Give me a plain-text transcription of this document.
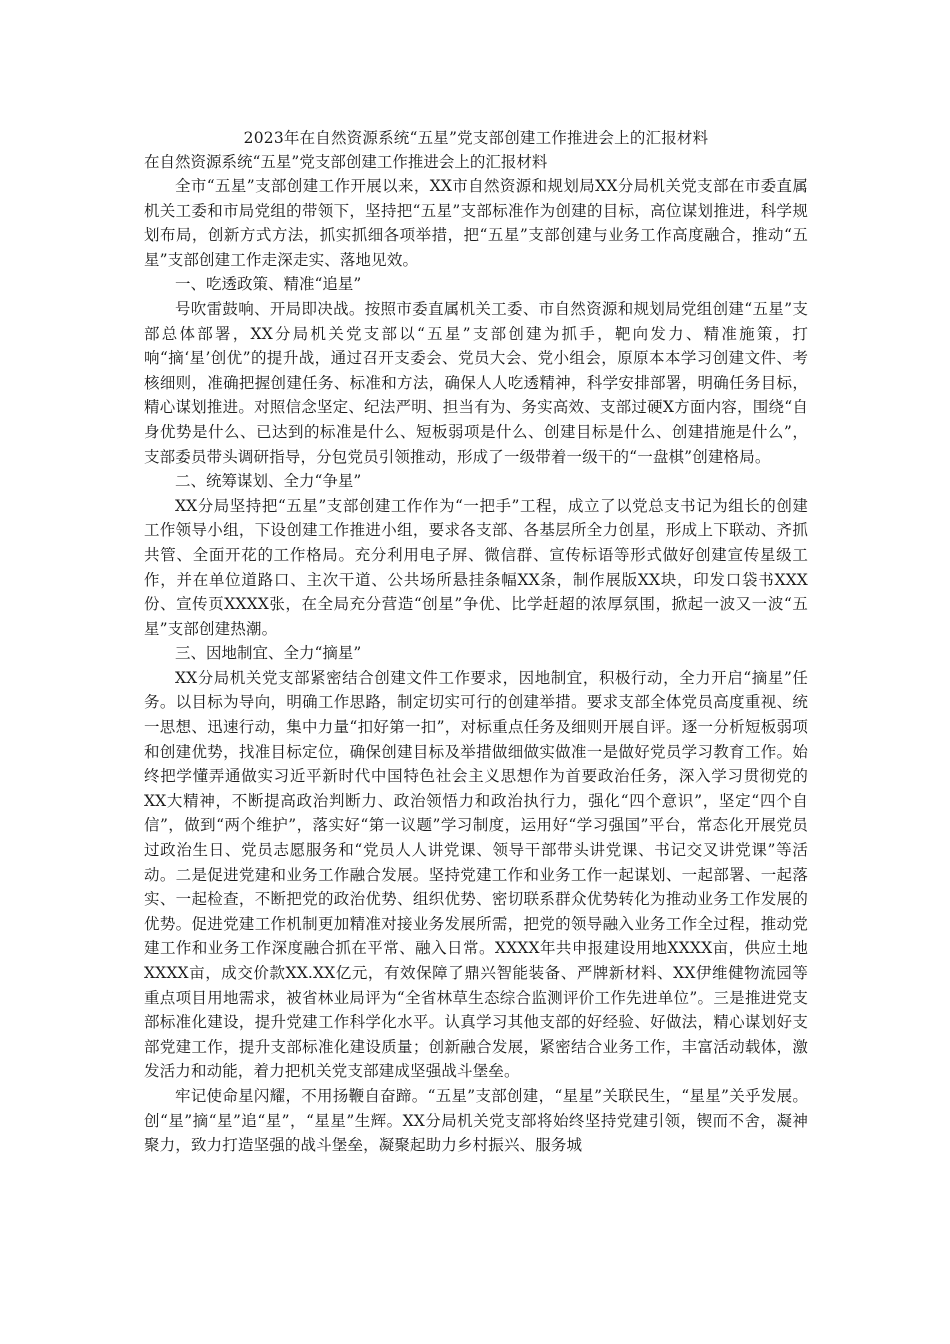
2023年在自然资源系统“五星”党支部创建工作推进会上的汇报材料
在自然资源系统“五星”党支部创建工作推进会上的汇报材料

全市“五星”支部创建工作开展以来，XX市自然资源和规划局XX分局机关党支部在市委直属机关工委和市局党组的带领下，坚持把“五星”支部标准作为创建的目标，高位谋划推进，科学规划布局，创新方式方法，抓实抓细各项举措，把“五星”支部创建与业务工作高度融合，推动“五星”支部创建工作走深走实、落地见效。

一、吃透政策、精准“追星”

号吹雷鼓响、开局即决战。按照市委直属机关工委、市自然资源和规划局党组创建“五星”支部总体部署，XX分局机关党支部以“五星”支部创建为抓手，靶向发力、精准施策，打响“摘‘星’创优”的提升战，通过召开支委会、党员大会、党小组会，原原本本学习创建文件、考核细则，准确把握创建任务、标准和方法，确保人人吃透精神，科学安排部署，明确任务目标，精心谋划推进。对照信念坚定、纪法严明、担当有为、务实高效、支部过硬X方面内容，围绕“自身优势是什么、已达到的标准是什么、短板弱项是什么、创建目标是什么、创建措施是什么”，支部委员带头调研指导，分包党员引领推动，形成了一级带着一级干的“一盘棋”创建格局。

二、统筹谋划、全力“争星”

XX分局坚持把“五星”支部创建工作作为“一把手”工程，成立了以党总支书记为组长的创建工作领导小组，下设创建工作推进小组，要求各支部、各基层所全力创星，形成上下联动、齐抓共管、全面开花的工作格局。充分利用电子屏、微信群、宣传标语等形式做好创建宣传星级工作，并在单位道路口、主次干道、公共场所悬挂条幅XX条，制作展版XX块，印发口袋书XXX份、宣传页XXXX张，在全局充分营造“创星”争优、比学赶超的浓厚氛围，掀起一波又一波“五星”支部创建热潮。

三、因地制宜、全力“摘星”

XX分局机关党支部紧密结合创建文件工作要求，因地制宜，积极行动，全力开启“摘星”任务。以目标为导向，明确工作思路，制定切实可行的创建举措。要求支部全体党员高度重视、统一思想、迅速行动，集中力量“扣好第一扣”，对标重点任务及细则开展自评。逐一分析短板弱项和创建优势，找准目标定位，确保创建目标及举措做细做实做准一是做好党员学习教育工作。始终把学懂弄通做实习近平新时代中国特色社会主义思想作为首要政治任务，深入学习贯彻党的XX大精神，不断提高政治判断力、政治领悟力和政治执行力，强化“四个意识”，坚定“四个自信”，做到“两个维护”，落实好“第一议题”学习制度，运用好“学习强国”平台，常态化开展党员过政治生日、党员志愿服务和“党员人人讲党课、领导干部带头讲党课、书记交叉讲党课”等活动。二是促进党建和业务工作融合发展。坚持党建工作和业务工作一起谋划、一起部署、一起落实、一起检查，不断把党的政治优势、组织优势、密切联系群众优势转化为推动业务工作发展的优势。促进党建工作机制更加精准对接业务发展所需，把党的领导融入业务工作全过程，推动党建工作和业务工作深度融合抓在平常、融入日常。XXXX年共申报建设用地XXXX亩，供应土地XXXX亩，成交价款XX.XX亿元，有效保障了鼎兴智能装备、严牌新材料、XX伊维健物流园等重点项目用地需求，被省林业局评为“全省林草生态综合监测评价工作先进单位”。三是推进党支部标准化建设，提升党建工作科学化水平。认真学习其他支部的好经验、好做法，精心谋划好支部党建工作，提升支部标准化建设质量；创新融合发展，紧密结合业务工作，丰富活动载体，激发活力和动能，着力把机关党支部建成坚强战斗堡垒。

牢记使命星闪耀，不用扬鞭自奋蹄。“五星”支部创建，“星星”关联民生，“星星”关乎发展。创“星”摘“星”追“星”，“星星”生辉。XX分局机关党支部将始终坚持党建引领，锲而不舍，凝神聚力，致力打造坚强的战斗堡垒，凝聚起助力乡村振兴、服务城
